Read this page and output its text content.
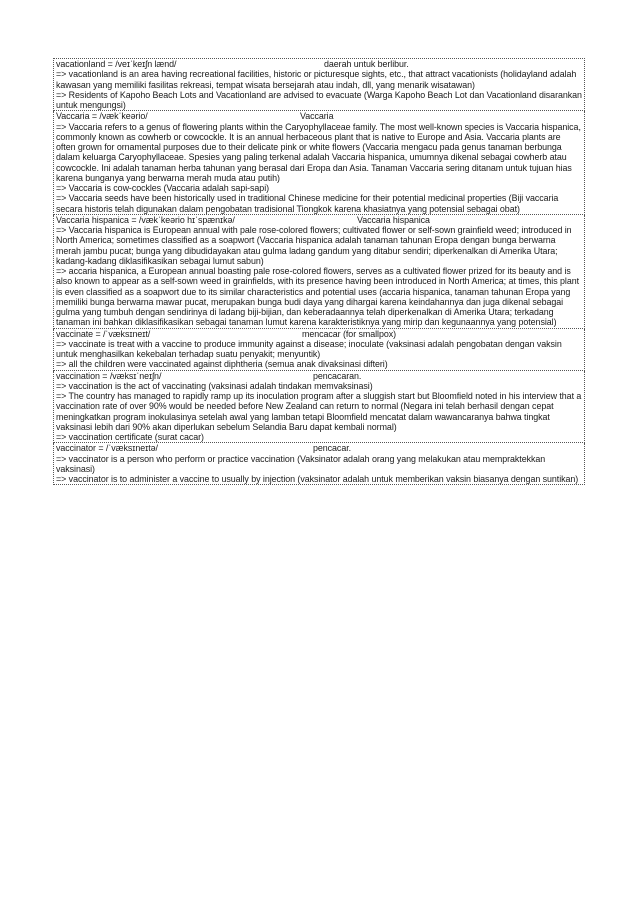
vacationland = /veɪˈkeɪʃn lænd/	daerah untuk berlibur.
=> vacationland is an area having recreational facilities, historic or picturesque sights, etc., that attract vacationists (holidayland adalah kawasan yang memiliki fasilitas rekreasi, tempat wisata bersejarah atau indah, dll, yang menarik wisatawan)
=> Residents of Kapoho Beach Lots and Vacationland are advised to evacuate (Warga Kapoho Beach Lot dan Vacationland disarankan untuk mengungsi)
Vaccaria = /vækˈkeərio/	Vaccaria
=> Vaccaria refers to a genus of flowering plants within the Caryophyllaceae family. The most well-known species is Vaccaria hispanica, commonly known as cowherb or cowcockle. It is an annual herbaceous plant that is native to Europe and Asia. Vaccaria plants are often grown for ornamental purposes due to their delicate pink or white flowers (Vaccaria mengacu pada genus tanaman berbunga dalam keluarga Caryophyllaceae. Spesies yang paling terkenal adalah Vaccaria hispanica, umumnya dikenal sebagai cowherb atau cowcockle. Ini adalah tanaman herba tahunan yang berasal dari Eropa dan Asia. Tanaman Vaccaria sering ditanam untuk tujuan hias karena bunganya yang berwarna merah muda atau putih)
=> Vaccaria is cow-cockles (Vaccaria adalah sapi-sapi)
=> Vaccaria seeds have been historically used in traditional Chinese medicine for their potential medicinal properties (Biji vaccaria secara historis telah digunakan dalam pengobatan tradisional Tiongkok karena khasiatnya yang potensial sebagai obat)
Vaccaria hispanica = /vækˈkeərio hɪˈspænɪkə/	Vaccaria hispanica
=> Vaccaria hispanica is European annual with pale rose-colored flowers; cultivated flower or self-sown grainfield weed; introduced in North America; sometimes classified as a soapwort (Vaccaria hispanica adalah tanaman tahunan Eropa dengan bunga berwarna merah jambu pucat; bunga yang dibudidayakan atau gulma ladang gandum yang ditabur sendiri; diperkenalkan di Amerika Utara; kadang-kadang diklasifikasikan sebagai lumut sabun)
=> accaria hispanica, a European annual boasting pale rose-colored flowers, serves as a cultivated flower prized for its beauty and is also known to appear as a self-sown weed in grainfields, with its presence having been introduced in North America; at times, this plant is even classified as a soapwort due to its similar characteristics and potential uses (accaria hispanica, tanaman tahunan Eropa yang memiliki bunga berwarna mawar pucat, merupakan bunga budi daya yang dihargai karena keindahannya dan juga dikenal sebagai gulma yang tumbuh dengan sendirinya di ladang biji-bijian, dan keberadaannya telah diperkenalkan di Amerika Utara; terkadang tanaman ini bahkan diklasifikasikan sebagai tanaman lumut karena karakteristiknya yang mirip dan kegunaannya yang potensial)
vaccinate = /ˈvæksɪneɪt/	mencacar (for smallpox)
=> vaccinate is treat with a vaccine to produce immunity against a disease; inoculate (vaksinasi adalah pengobatan dengan vaksin untuk menghasilkan kekebalan terhadap suatu penyakit; menyuntik)
=> all the children were vaccinated against diphtheria (semua anak divaksinasi difteri)
vaccination = /væksɪˈneɪʃn/	pencacaran.
=> vaccination is the act of vaccinating (vaksinasi adalah tindakan memvaksinasi)
=> The country has managed to rapidly ramp up its inoculation program after a sluggish start but Bloomfield noted in his interview that a vaccination rate of over 90% would be needed before New Zealand can return to normal (Negara ini telah berhasil dengan cepat meningkatkan program inokulasinya setelah awal yang lamban tetapi Bloomfield mencatat dalam wawancaranya bahwa tingkat vaksinasi lebih dari 90% akan diperlukan sebelum Selandia Baru dapat kembali normal)
=> vaccination certificate (surat cacar)
vaccinator = /ˈvæksɪneɪtə/	pencacar.
=> vaccinator is a person who perform or practice vaccination (Vaksinator adalah orang yang melakukan atau mempraktekkan vaksinasi)
=> vaccinator is to administer a vaccine to usually by injection (vaksinator adalah untuk memberikan vaksin biasanya dengan suntikan)
